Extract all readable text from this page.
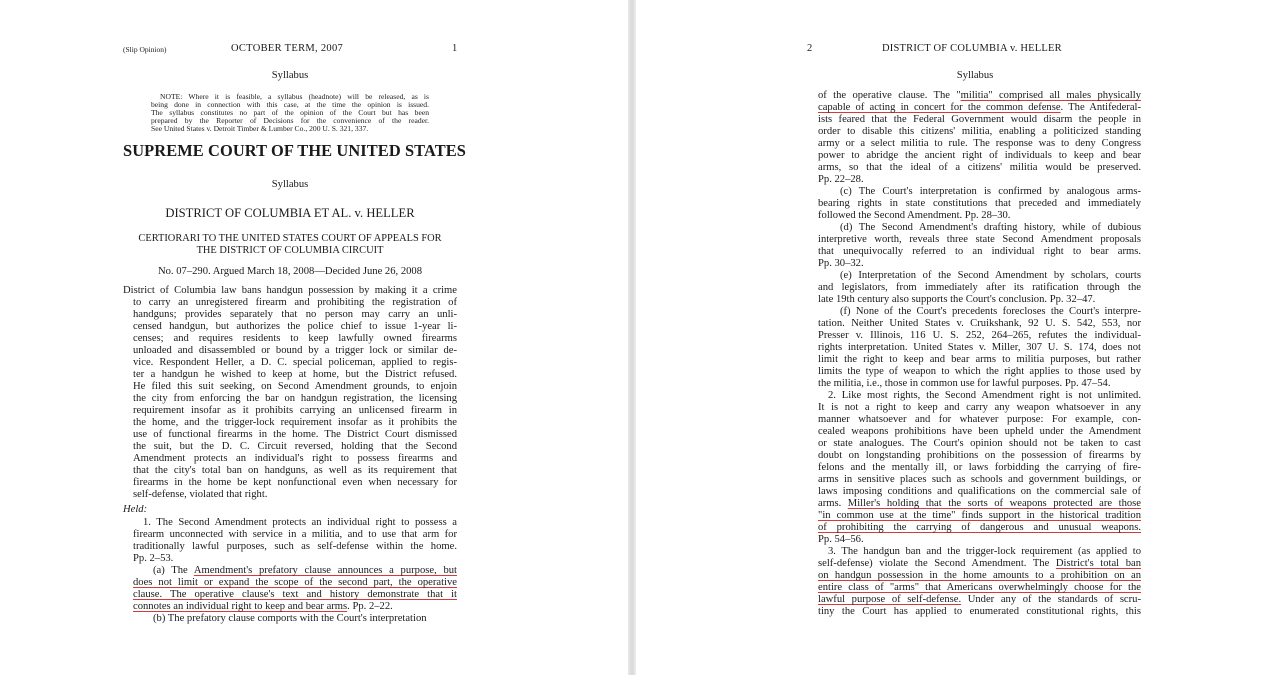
(Slip Opinion)	OCTOBER TERM, 2007	1
Syllabus
NOTE: Where it is feasible, a syllabus (headnote) will be released, as is
being done in connection with this case, at the time the opinion is issued.
The syllabus constitutes no part of the opinion of the Court but has been
prepared by the Reporter of Decisions for the convenience of the reader.
See United States v. Detroit Timber & Lumber Co., 200 U. S. 321, 337.
SUPREME COURT OF THE UNITED STATES
Syllabus
DISTRICT OF COLUMBIA ET AL. v. HELLER
CERTIORARI TO THE UNITED STATES COURT OF APPEALS FOR
THE DISTRICT OF COLUMBIA CIRCUIT
No. 07–290. Argued March 18, 2008—Decided June 26, 2008
District of Columbia law bans handgun possession by making it a crime
to carry an unregistered firearm and prohibiting the registration of
handguns; provides separately that no person may carry an unli-
censed handgun, but authorizes the police chief to issue 1-year li-
censes; and requires residents to keep lawfully owned firearms
unloaded and disassembled or bound by a trigger lock or similar de-
vice. Respondent Heller, a D. C. special policeman, applied to regis-
ter a handgun he wished to keep at home, but the District refused.
He filed this suit seeking, on Second Amendment grounds, to enjoin
the city from enforcing the bar on handgun registration, the licensing
requirement insofar as it prohibits carrying an unlicensed firearm in
the home, and the trigger-lock requirement insofar as it prohibits the
use of functional firearms in the home. The District Court dismissed
the suit, but the D. C. Circuit reversed, holding that the Second
Amendment protects an individual's right to possess firearms and
that the city's total ban on handguns, as well as its requirement that
firearms in the home be kept nonfunctional even when necessary for
self-defense, violated that right.
Held:
1. The Second Amendment protects an individual right to possess a
firearm unconnected with service in a militia, and to use that arm for
traditionally lawful purposes, such as self-defense within the home.
Pp. 2–53.
(a) The Amendment's prefatory clause announces a purpose, but
does not limit or expand the scope of the second part, the operative
clause. The operative clause's text and history demonstrate that it
connotes an individual right to keep and bear arms. Pp. 2–22.
(b) The prefatory clause comports with the Court's interpretation
2	DISTRICT OF COLUMBIA v. HELLER
Syllabus
of the operative clause. The "militia" comprised all males physically
capable of acting in concert for the common defense. The Antifederal-
ists feared that the Federal Government would disarm the people in
order to disable this citizens' militia, enabling a politicized standing
army or a select militia to rule. The response was to deny Congress
power to abridge the ancient right of individuals to keep and bear
arms, so that the ideal of a citizens' militia would be preserved.
Pp. 22–28.
(c) The Court's interpretation is confirmed by analogous arms-
bearing rights in state constitutions that preceded and immediately
followed the Second Amendment. Pp. 28–30.
(d) The Second Amendment's drafting history, while of dubious
interpretive worth, reveals three state Second Amendment proposals
that unequivocally referred to an individual right to bear arms.
Pp. 30–32.
(e) Interpretation of the Second Amendment by scholars, courts
and legislators, from immediately after its ratification through the
late 19th century also supports the Court's conclusion. Pp. 32–47.
(f) None of the Court's precedents forecloses the Court's interpre-
tation. Neither United States v. Cruikshank, 92 U. S. 542, 553, nor
Presser v. Illinois, 116 U. S. 252, 264–265, refutes the individual-
rights interpretation. United States v. Miller, 307 U. S. 174, does not
limit the right to keep and bear arms to militia purposes, but rather
limits the type of weapon to which the right applies to those used by
the militia, i.e., those in common use for lawful purposes. Pp. 47–54.
2. Like most rights, the Second Amendment right is not unlimited.
It is not a right to keep and carry any weapon whatsoever in any
manner whatsoever and for whatever purpose: For example, con-
cealed weapons prohibitions have been upheld under the Amendment
or state analogues. The Court's opinion should not be taken to cast
doubt on longstanding prohibitions on the possession of firearms by
felons and the mentally ill, or laws forbidding the carrying of fire-
arms in sensitive places such as schools and government buildings, or
laws imposing conditions and qualifications on the commercial sale of
arms. Miller's holding that the sorts of weapons protected are those
"in common use at the time" finds support in the historical tradition
of prohibiting the carrying of dangerous and unusual weapons.
Pp. 54–56.
3. The handgun ban and the trigger-lock requirement (as applied to
self-defense) violate the Second Amendment. The District's total ban
on handgun possession in the home amounts to a prohibition on an
entire class of "arms" that Americans overwhelmingly choose for the
lawful purpose of self-defense. Under any of the standards of scru-
tiny the Court has applied to enumerated constitutional rights, this
